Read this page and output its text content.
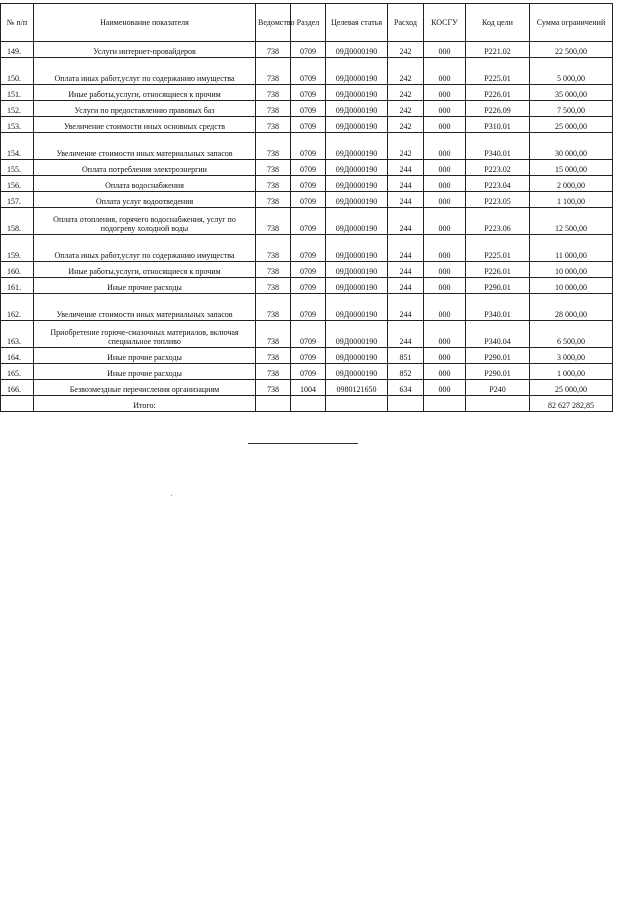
№ п/п	Наименование показателя	Ведомство	Раздел	Целевая статья	Расход	КОСГУ	Код цели	Сумма ограничений
149.	Услуги интернет-провайдеров	738	0709	09Д0000190	242	000	P221.02	22 500,00
150.	Оплата иных работ,услуг по содержанию имущества	738	0709	09Д0000190	242	000	P225.01	5 000,00
151.	Иные работы,услуги, относящиеся к прочим	738	0709	09Д0000190	242	000	P226.01	35 000,00
152.	Услуги по предоставлению правовых баз	738	0709	09Д0000190	242	000	P226.09	7 500,00
153.	Увеличение стоимости иных основных средств	738	0709	09Д0000190	242	000	P310.01	25 000,00
154.	Увеличение стоимости иных материальных запасов	738	0709	09Д0000190	242	000	P340.01	30 000,00
155.	Оплата потребления электроэнергии	738	0709	09Д0000190	244	000	P223.02	15 000,00
156.	Оплата водоснабжения	738	0709	09Д0000190	244	000	P223.04	2 000,00
157.	Оплата услуг водоотведения	738	0709	09Д0000190	244	000	P223.05	1 100,00
158.	Оплата отопления, горячего водоснабжения, услуг по подогреву холодной воды	738	0709	09Д0000190	244	000	P223.06	12 500,00
159.	Оплата иных работ,услуг по содержанию имущества	738	0709	09Д0000190	244	000	P225.01	11 000,00
160.	Иные работы,услуги, относящиеся к прочим	738	0709	09Д0000190	244	000	P226.01	10 000,00
161.	Иные прочие расходы	738	0709	09Д0000190	244	000	P290.01	10 000,00
162.	Увеличение стоимости иных материальных запасов	738	0709	09Д0000190	244	000	P340.01	28 000,00
163.	Приобретение горюче-смазочных материалов, включая специальное топливо	738	0709	09Д0000190	244	000	P340.04	6 500,00
164.	Иные прочие расходы	738	0709	09Д0000190	851	000	P290.01	3 000,00
165.	Иные прочие расходы	738	0709	09Д0000190	852	000	P290.01	1 000,00
166.	Безвозмездные перечисления организациям	738	1004	0980121650	634	000	P240	25 000,00
	Итого:							82 627 282,85
